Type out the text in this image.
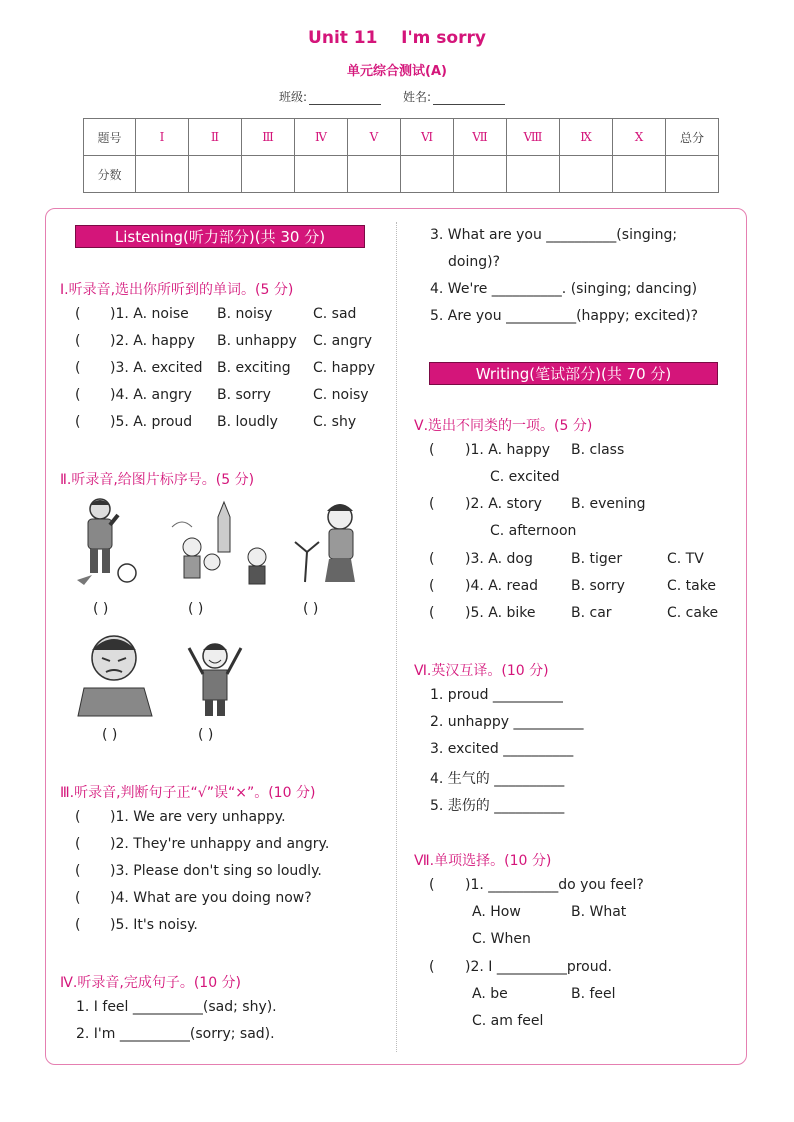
Unit 11    I'm sorry
单元综合测试(A)
班级:	姓名:
题号	Ⅰ	Ⅱ	Ⅲ	Ⅳ	Ⅴ	Ⅵ	Ⅶ	Ⅷ	Ⅸ	Ⅹ	总分
分数											
Listening(听力部分)(共 30 分)
Ⅰ.听录音,选出你所听到的单词。(5 分)
( )1. A. noise B. noisy	C. sad
( )2. A. happy B. unhappy C. angry
( )3. A. excited B. exciting C. happy
( )4. A. angry B. sorry	C. noisy
( )5. A. proud B. loudly	C. shy
Ⅱ.听录音,给图片标序号。(5 分)
( )	( )	( )
( )	( )
Ⅲ.听录音,判断句子正“√”误“×”。(10 分)
( )1. We are very unhappy.
( )2. They're unhappy and angry.
( )3. Please don't sing so loudly.
( )4. What are you doing now?
( )5. It's noisy.
Ⅳ.听录音,完成句子。(10 分)
1. I feel __________(sad; shy).
2. I'm __________(sorry; sad).
3. What are you __________(singing;
doing)?
4. We're __________. (singing; dancing)
5. Are you __________(happy; excited)?
Writing(笔试部分)(共 70 分)
Ⅴ.选出不同类的一项。(5 分)
( )1. A. happy B. class
C. excited
( )2. A. story B. evening
C. afternoon
( )3. A. dog	B. tiger	C. TV
( )4. A. read B. sorry	C. take
( )5. A. bike	B. car	C. cake
Ⅵ.英汉互译。(10 分)
1. proud __________
2. unhappy __________
3. excited __________
4. 生气的 __________
5. 悲伤的 __________
Ⅶ.单项选择。(10 分)
( )1. __________do you feel?
A. How	B. What
C. When
( )2. I __________proud.
A. be	B. feel
C. am feel
